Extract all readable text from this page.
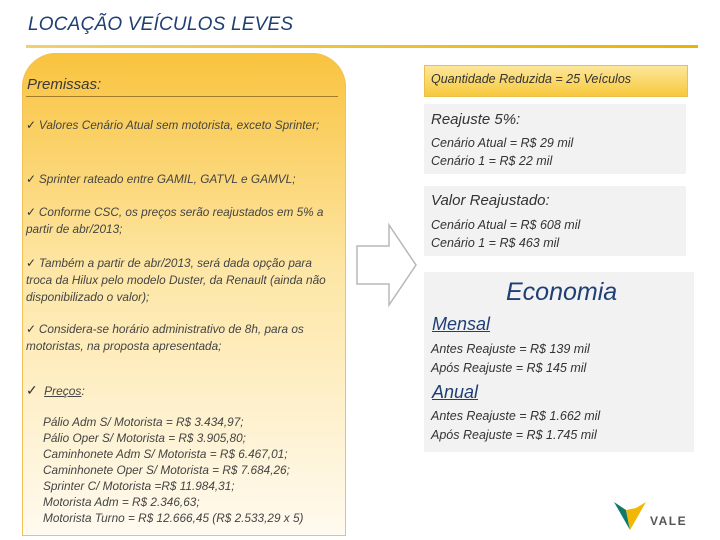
LOCAÇÃO VEÍCULOS LEVES
Premissas:
✓ Valores Cenário Atual sem motorista, exceto Sprinter;
✓ Sprinter rateado entre GAMIL, GATVL e GAMVL;
✓ Conforme CSC, os preços serão reajustados em 5% a partir de abr/2013;
✓ Também a partir de abr/2013, será dada opção para troca da Hilux pelo modelo Duster, da Renault (ainda não disponibilizado o valor);
✓ Considera-se horário administrativo de 8h, para os motoristas, na proposta apresentada;
✓ Preços:
Pálio Adm S/ Motorista = R$ 3.434,97;
Pálio Oper S/ Motorista = R$ 3.905,80;
Caminhonete Adm S/ Motorista = R$ 6.467,01;
Caminhonete Oper S/ Motorista = R$ 7.684,26;
Sprinter C/ Motorista =R$ 11.984,31;
Motorista Adm = R$ 2.346,63;
Motorista Turno = R$ 12.666,45 (R$ 2.533,29 x 5)
Quantidade Reduzida = 25 Veículos
Reajuste 5%:
Cenário Atual = R$ 29 mil
Cenário 1 = R$ 22 mil
Valor Reajustado:
Cenário Atual = R$ 608 mil
Cenário 1 = R$ 463 mil
Economia
Mensal
Antes Reajuste = R$ 139 mil
Após Reajuste = R$ 145 mil
Anual
Antes Reajuste = R$ 1.662 mil
Após Reajuste = R$ 1.745 mil
VALE
